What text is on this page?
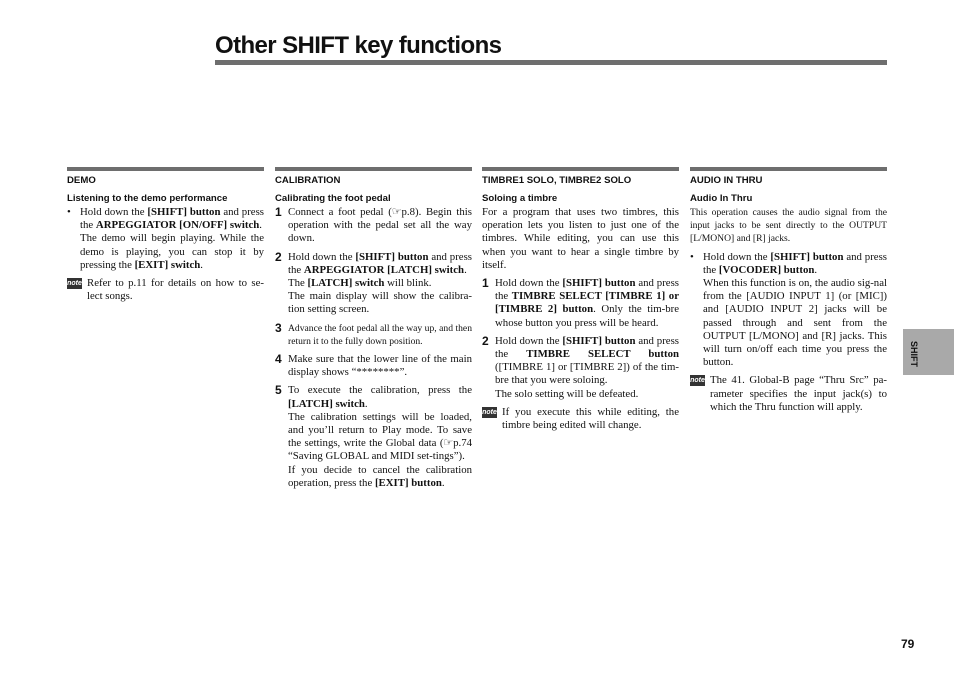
Other SHIFT key functions
DEMO
Listening to the demo performance
• Hold down the [SHIFT] button and press the ARPEGGIATOR [ON/OFF] switch.
The demo will begin playing. While the demo is playing, you can stop it by pressing the [EXIT] switch.
note Refer to p.11 for details on how to se-lect songs.
CALIBRATION
Calibrating the foot pedal
1 Connect a foot pedal (☞p.8). Begin this operation with the pedal set all the way down.
2 Hold down the [SHIFT] button and press the ARPEGGIATOR [LATCH] switch.
The [LATCH] switch will blink.
The main display will show the calibra-tion setting screen.
3 Advance the foot pedal all the way up, and then return it to the fully down position.
4 Make sure that the lower line of the main display shows “********”.
5 To execute the calibration, press the [LATCH] switch.
The calibration settings will be loaded, and you’ll return to Play mode. To save the settings, write the Global data (☞p.74 “Saving GLOBAL and MIDI set-tings”).
If you decide to cancel the calibration operation, press the [EXIT] button.
TIMBRE1 SOLO, TIMBRE2 SOLO
Soloing a timbre

For a program that uses two timbres, this operation lets you listen to just one of the timbres. While editing, you can use this when you want to hear a single timbre by itself.

1 Hold down the [SHIFT] button and press the TIMBRE SELECT [TIMBRE 1] or [TIMBRE 2] button. Only the tim-bre whose button you press will be heard.
2 Hold down the [SHIFT] button and press the TIMBRE SELECT button ([TIMBRE 1] or [TIMBRE 2]) of the tim-bre that you were soloing.
The solo setting will be defeated.
note If you execute this while editing, the timbre being edited will change.
AUDIO IN THRU
Audio In Thru

This operation causes the audio signal from the input jacks to be sent directly to the OUTPUT [L/MONO] and [R] jacks.

• Hold down the [SHIFT] button and press the [VOCODER] button.
When this function is on, the audio sig-nal from the [AUDIO INPUT 1] (or [MIC]) and [AUDIO INPUT 2] jacks will be passed through and sent from the OUTPUT [L/MONO] and [R] jacks. This will turn on/off each time you press the button.
note The 41. Global-B page “Thru Src” pa-rameter specifies the input jack(s) to which the Thru function will apply.
SHIFT
79
